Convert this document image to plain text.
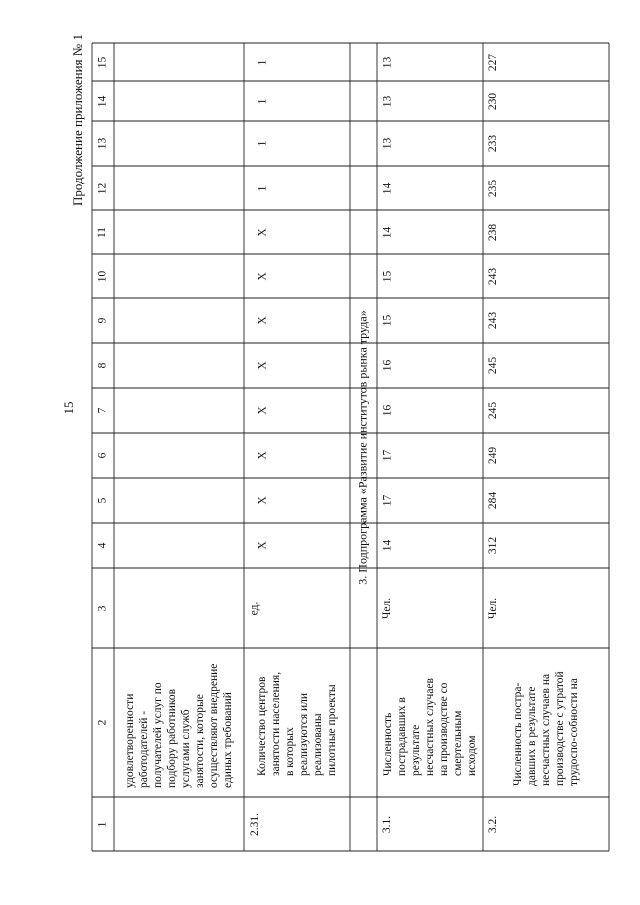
15
Продолжение приложения № 1
1
2
3
4
5
6
7
8
9
10
11
12
13
14
15
удовлетворенности работодателей - получателей услуг по подбору работников услугами служб занятости, которые осуществляют внедрение единых требований
2.31.
Количество центров занятости населения, в которых реализуются или реализованы пилотные проекты
ед.
X
X
X
X
X
X
X
X
1
1
1
1
3. Подпрограмма «Развитие институтов рынка труда»
3.1.
Численность пострадавших в результате несчастных случаев на производстве со смертельным исходом
Чел.
14
17
17
16
16
15
15
14
14
13
13
13
3.2.
Численность постра-давших в результате несчастных случаев на производстве с утратой трудоспо-собности на
Чел.
312
284
249
245
245
243
243
238
235
233
230
227
